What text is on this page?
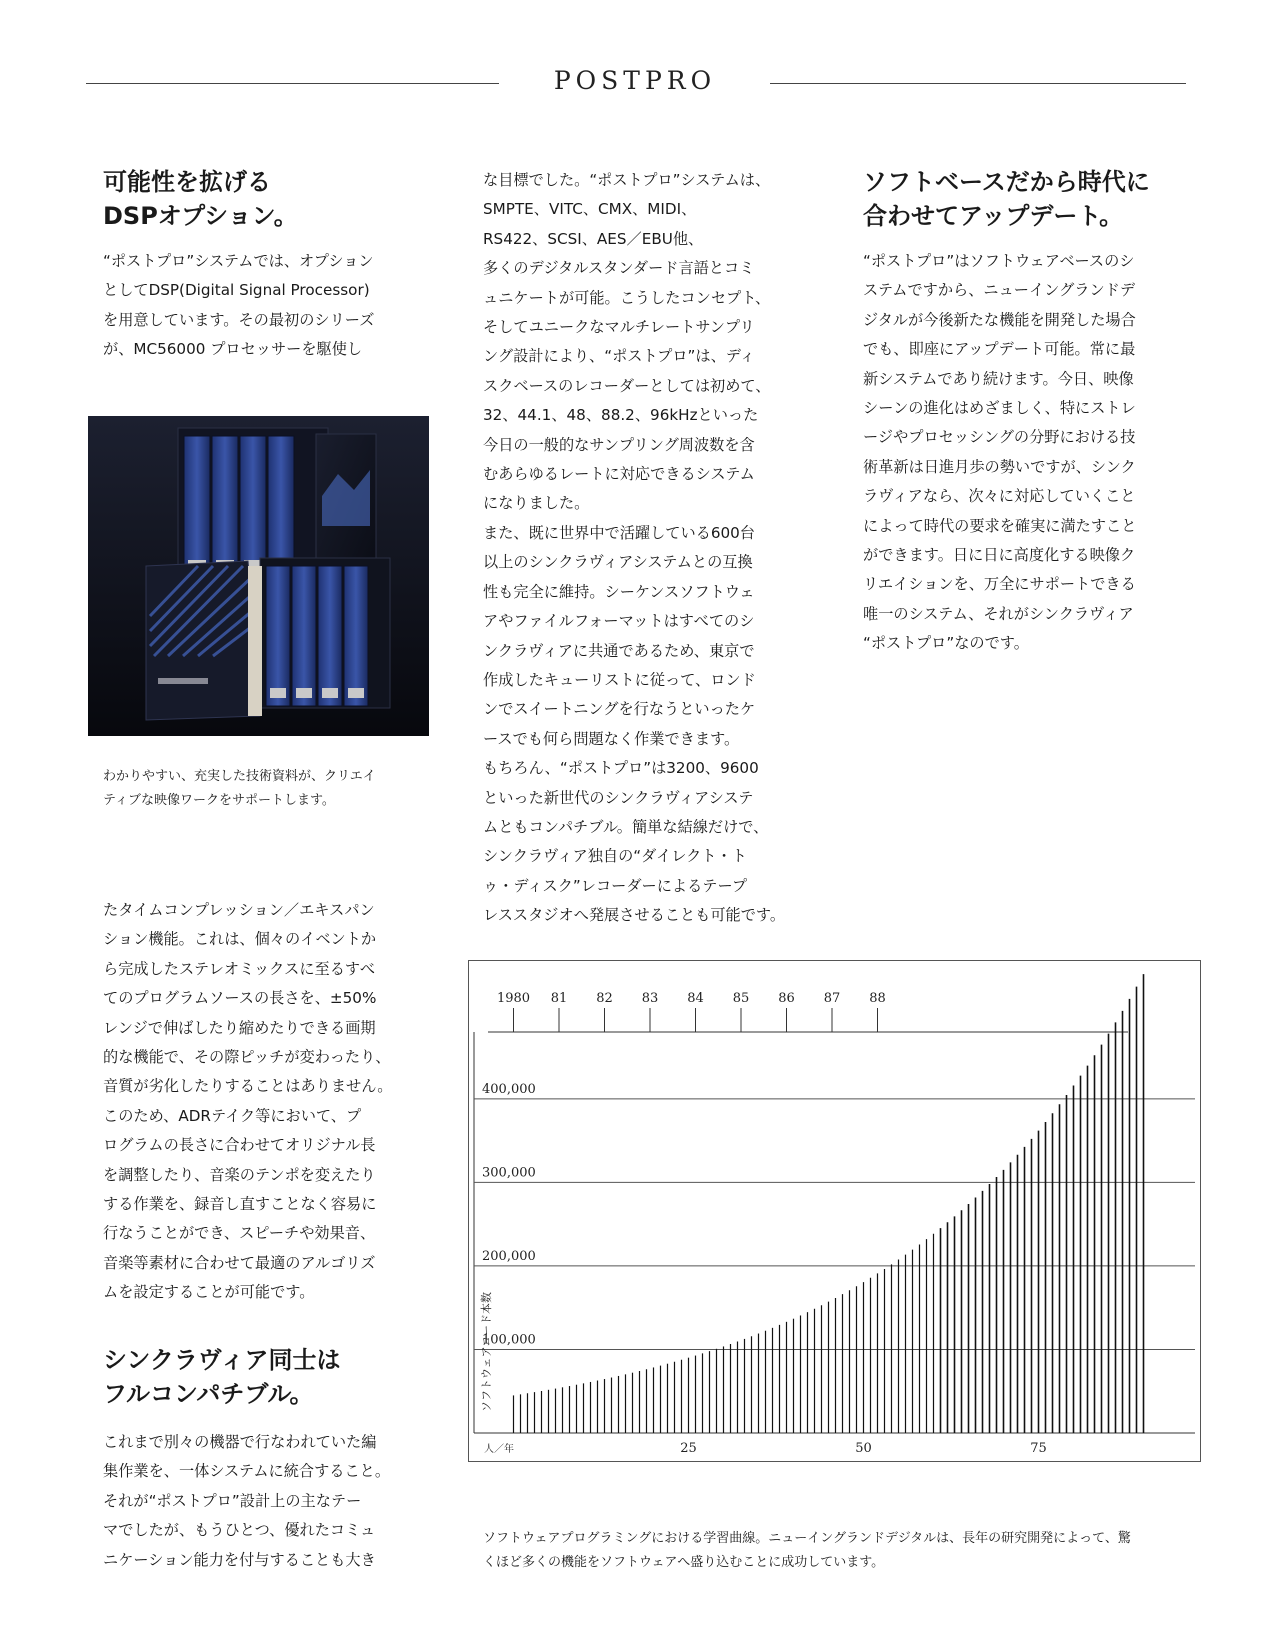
POSTPRO
可能性を拡げる
DSPオプション。
“ポストプロ”システムでは、オプション
としてDSP(Digital Signal Processor)
を用意しています。その最初のシリーズ
が、MC56000 プロセッサーを駆使し
わかりやすい、充実した技術資料が、クリエイ
ティブな映像ワークをサポートします。
たタイムコンプレッション／エキスパン
ション機能。これは、個々のイベントか
ら完成したステレオミックスに至るすべ
てのプログラムソースの長さを、±50%
レンジで伸ばしたり縮めたりできる画期
的な機能で、その際ピッチが変わったり、
音質が劣化したりすることはありません。
このため、ADRテイク等において、プ
ログラムの長さに合わせてオリジナル長
を調整したり、音楽のテンポを変えたり
する作業を、録音し直すことなく容易に
行なうことができ、スピーチや効果音、
音楽等素材に合わせて最適のアルゴリズ
ムを設定することが可能です。
シンクラヴィア同士は
フルコンパチブル。
これまで別々の機器で行なわれていた編
集作業を、一体システムに統合すること。
それが“ポストプロ”設計上の主なテー
マでしたが、もうひとつ、優れたコミュ
ニケーション能力を付与することも大き
な目標でした。“ポストプロ”システムは、
SMPTE、VITC、CMX、MIDI、
RS422、SCSI、AES／EBU他、
多くのデジタルスタンダード言語とコミ
ュニケートが可能。こうしたコンセプト、
そしてユニークなマルチレートサンプリ
ング設計により、“ポストプロ”は、ディ
スクベースのレコーダーとしては初めて、
32、44.1、48、88.2、96kHzといった
今日の一般的なサンプリング周波数を含
むあらゆるレートに対応できるシステム
になりました。
また、既に世界中で活躍している600台
以上のシンクラヴィアシステムとの互換
性も完全に維持。シーケンスソフトウェ
アやファイルフォーマットはすべてのシ
ンクラヴィアに共通であるため、東京で
作成したキューリストに従って、ロンド
ンでスイートニングを行なうといったケ
ースでも何ら問題なく作業できます。
もちろん、“ポストプロ”は3200、9600
といった新世代のシンクラヴィアシステ
ムともコンパチブル。簡単な結線だけで、
シンクラヴィア独自の“ダイレクト・ト
ゥ・ディスク”レコーダーによるテープ
レススタジオへ発展させることも可能です。
ソフトベースだから時代に
合わせてアップデート。
“ポストプロ”はソフトウェアベースのシ
ステムですから、ニューイングランドデ
ジタルが今後新たな機能を開発した場合
でも、即座にアップデート可能。常に最
新システムであり続けます。今日、映像
シーンの進化はめざましく、特にストレ
ージやプロセッシングの分野における技
術革新は日進月歩の勢いですが、シンク
ラヴィアなら、次々に対応していくこと
によって時代の要求を確実に満たすこと
ができます。日に日に高度化する映像ク
リエイションを、万全にサポートできる
唯一のシステム、それがシンクラヴィア
“ポストプロ”なのです。
100,000
200,000
300,000
400,000
1980 81 82 83 84 85 86 87 88
25	50	75
人／年
ソフトウェアコード本数
ソフトウェアプログラミングにおける学習曲線。ニューイングランドデジタルは、長年の研究開発によって、驚
くほど多くの機能をソフトウェアへ盛り込むことに成功しています。
